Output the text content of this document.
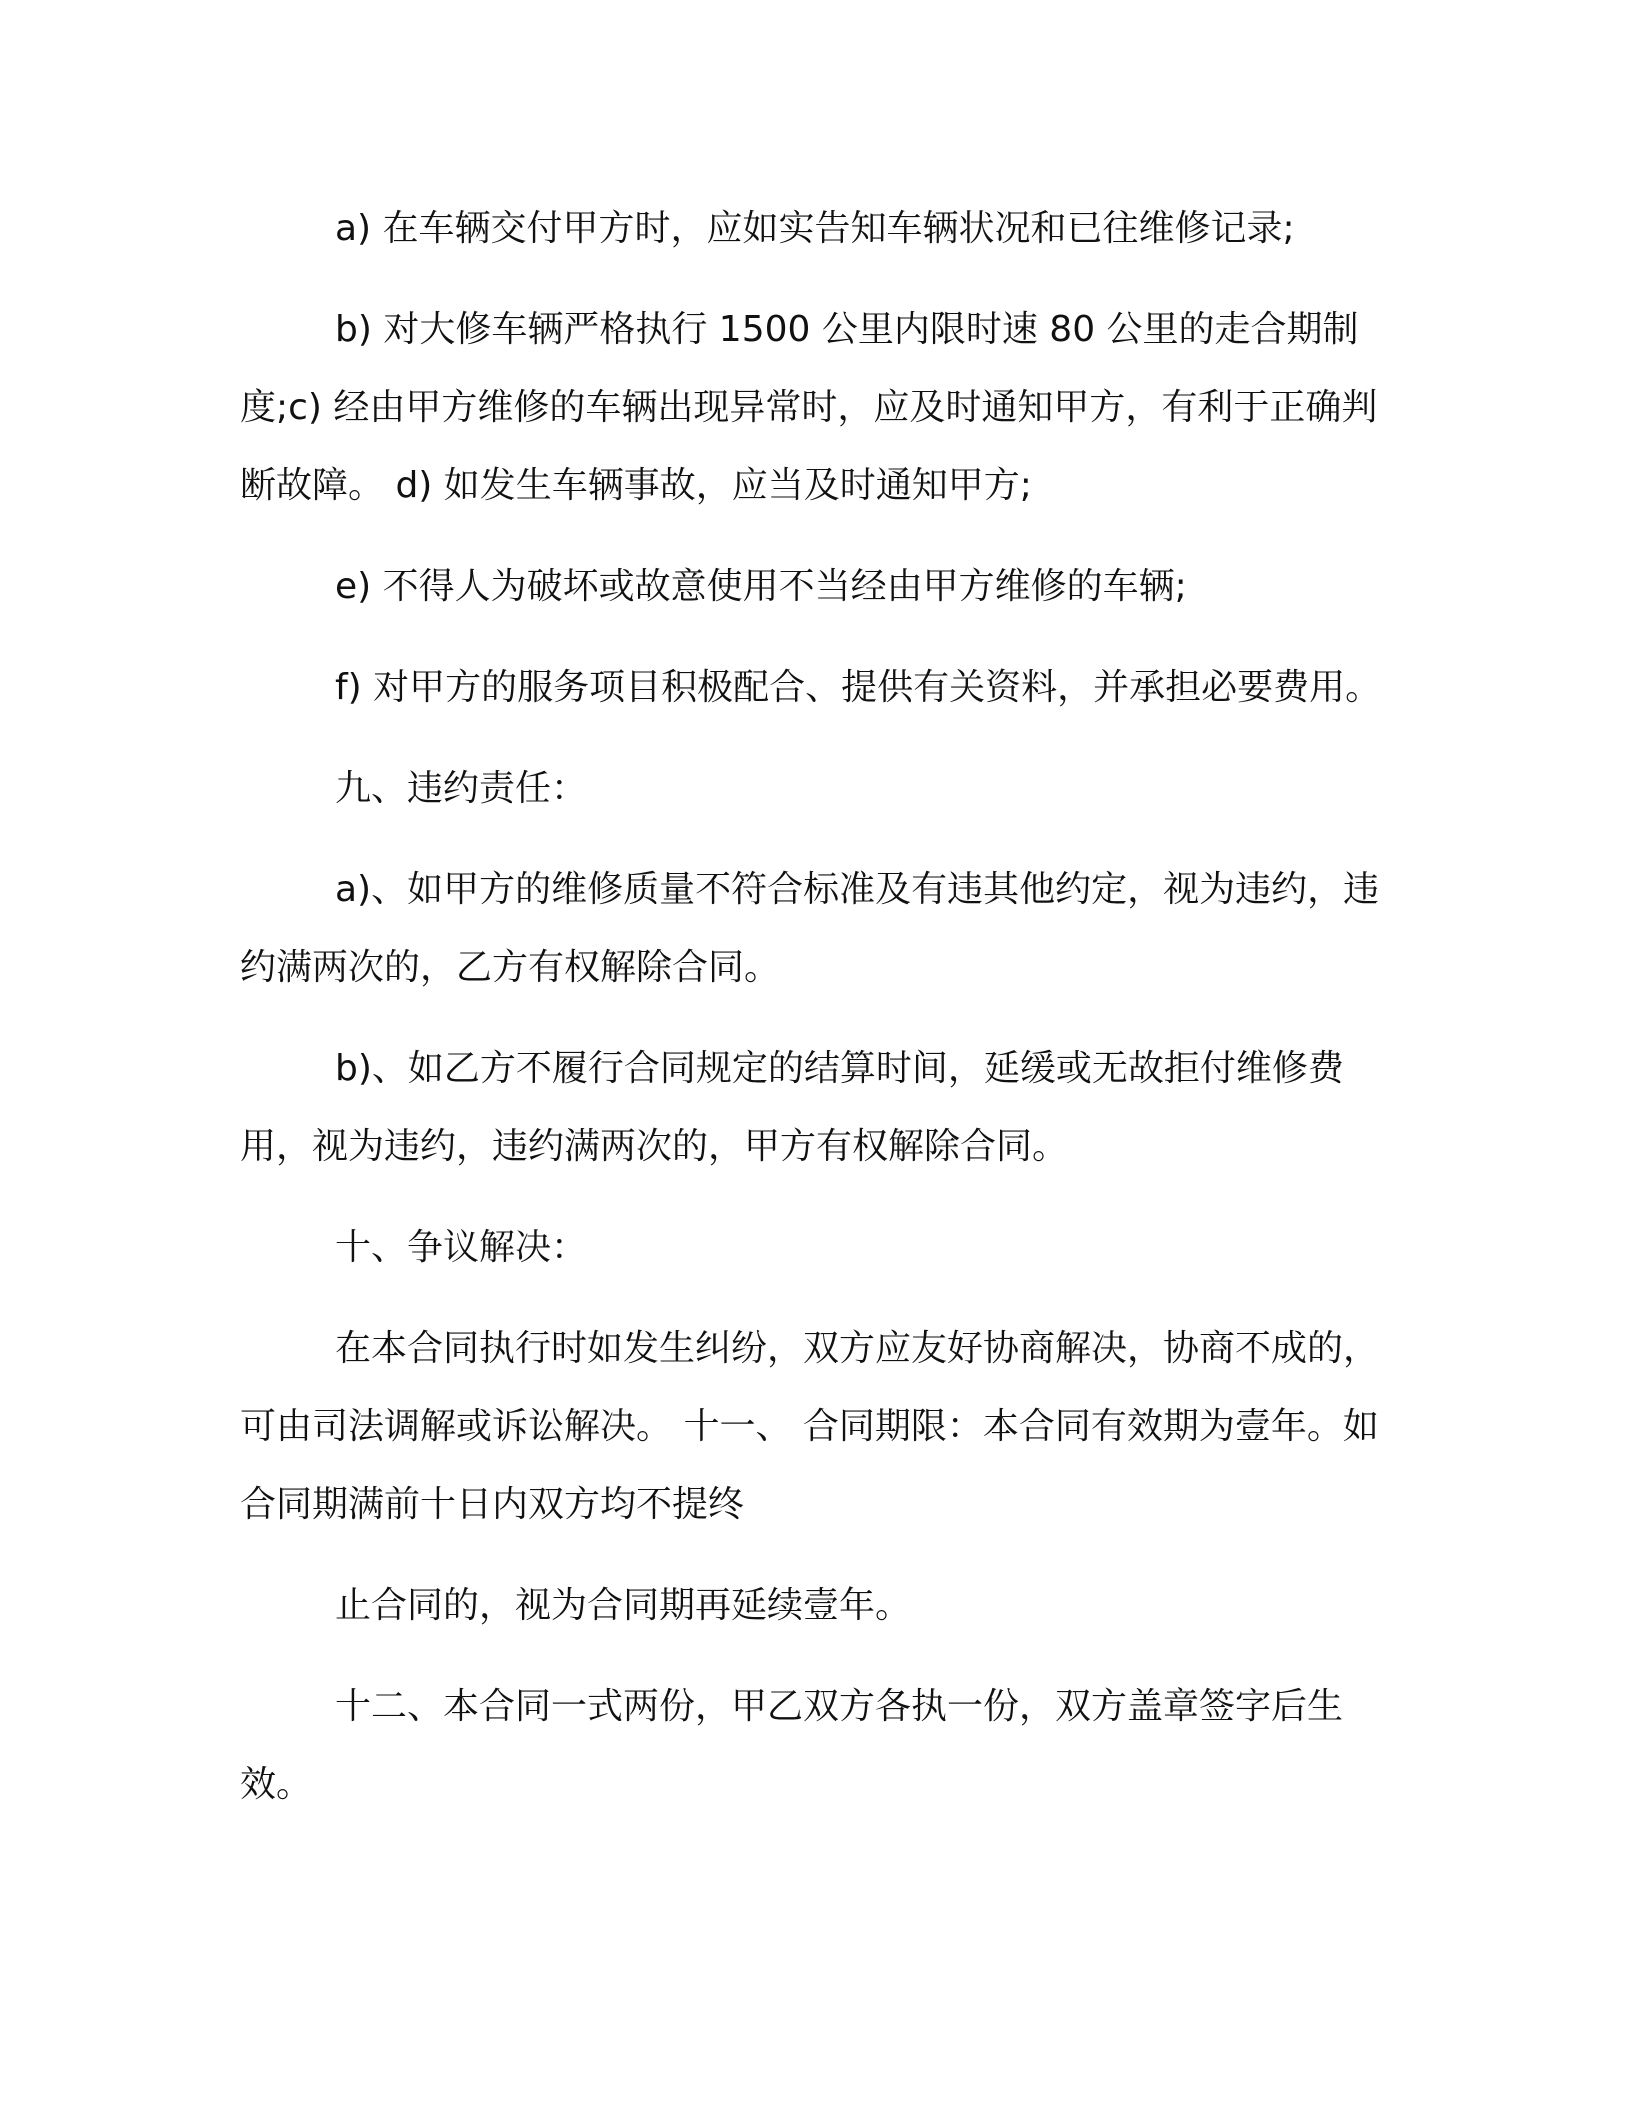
a) 在车辆交付甲方时，应如实告知车辆状况和已往维修记录;

b) 对大修车辆严格执行 1500 公里内限时速 80 公里的走合期制度;c) 经由甲方维修的车辆出现异常时，应及时通知甲方，有利于正确判断故障。 d) 如发生车辆事故，应当及时通知甲方;

e) 不得人为破坏或故意使用不当经由甲方维修的车辆;

f) 对甲方的服务项目积极配合、提供有关资料，并承担必要费用。

九、违约责任：

a)、如甲方的维修质量不符合标准及有违其他约定，视为违约，违约满两次的，乙方有权解除合同。

b)、如乙方不履行合同规定的结算时间，延缓或无故拒付维修费用，视为违约，违约满两次的，甲方有权解除合同。

十、争议解决：

在本合同执行时如发生纠纷，双方应友好协商解决，协商不成的，可由司法调解或诉讼解决。 十一、 合同期限：本合同有效期为壹年。如合同期满前十日内双方均不提终

止合同的，视为合同期再延续壹年。

十二、本合同一式两份，甲乙双方各执一份，双方盖章签字后生效。
